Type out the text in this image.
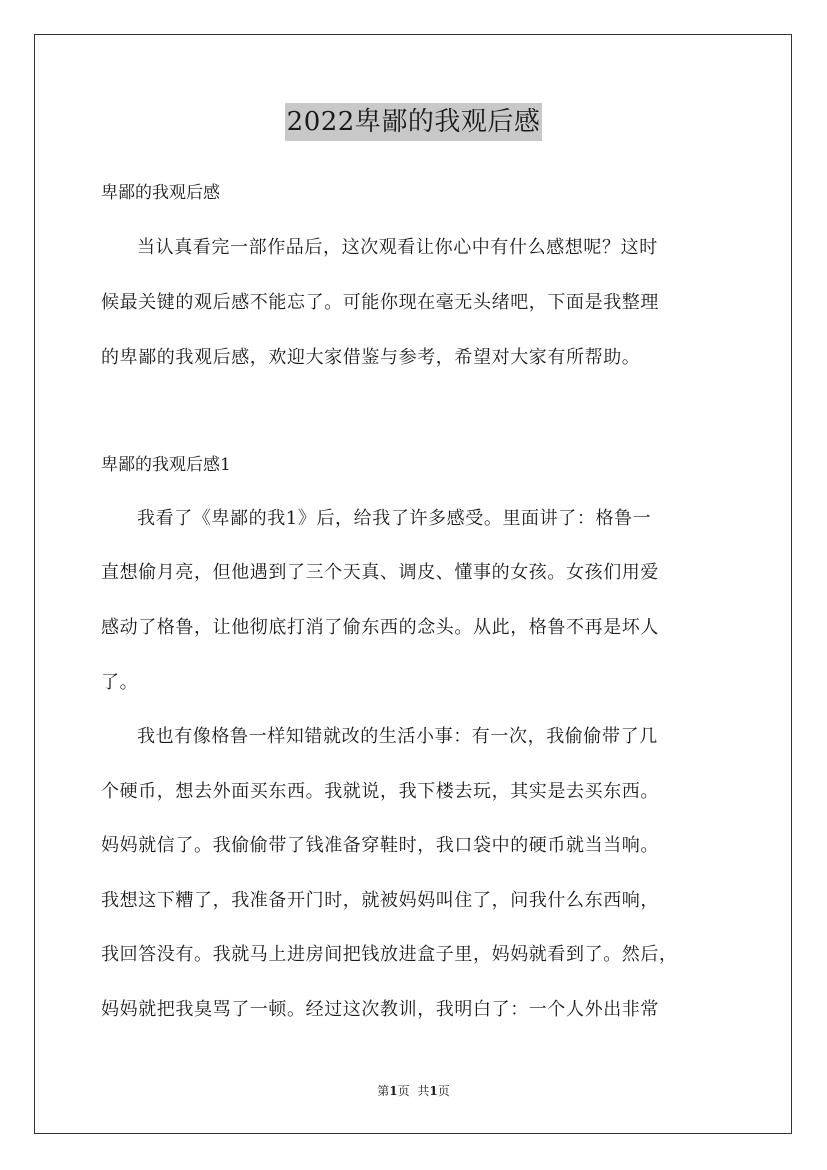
2022卑鄙的我观后感
卑鄙的我观后感
当认真看完一部作品后，这次观看让你心中有什么感想呢？这时
候最关键的观后感不能忘了。可能你现在毫无头绪吧，下面是我整理
的卑鄙的我观后感，欢迎大家借鉴与参考，希望对大家有所帮助。
卑鄙的我观后感1
我看了《卑鄙的我1》后，给我了许多感受。里面讲了：格鲁一
直想偷月亮，但他遇到了三个天真、调皮、懂事的女孩。女孩们用爱
感动了格鲁，让他彻底打消了偷东西的念头。从此，格鲁不再是坏人
了。
我也有像格鲁一样知错就改的生活小事：有一次，我偷偷带了几
个硬币，想去外面买东西。我就说，我下楼去玩，其实是去买东西。
妈妈就信了。我偷偷带了钱准备穿鞋时，我口袋中的硬币就当当响。
我想这下糟了，我准备开门时，就被妈妈叫住了，问我什么东西响，
我回答没有。我就马上进房间把钱放进盒子里，妈妈就看到了。然后，
妈妈就把我臭骂了一顿。经过这次教训，我明白了：一个人外出非常
第1页 共1页
